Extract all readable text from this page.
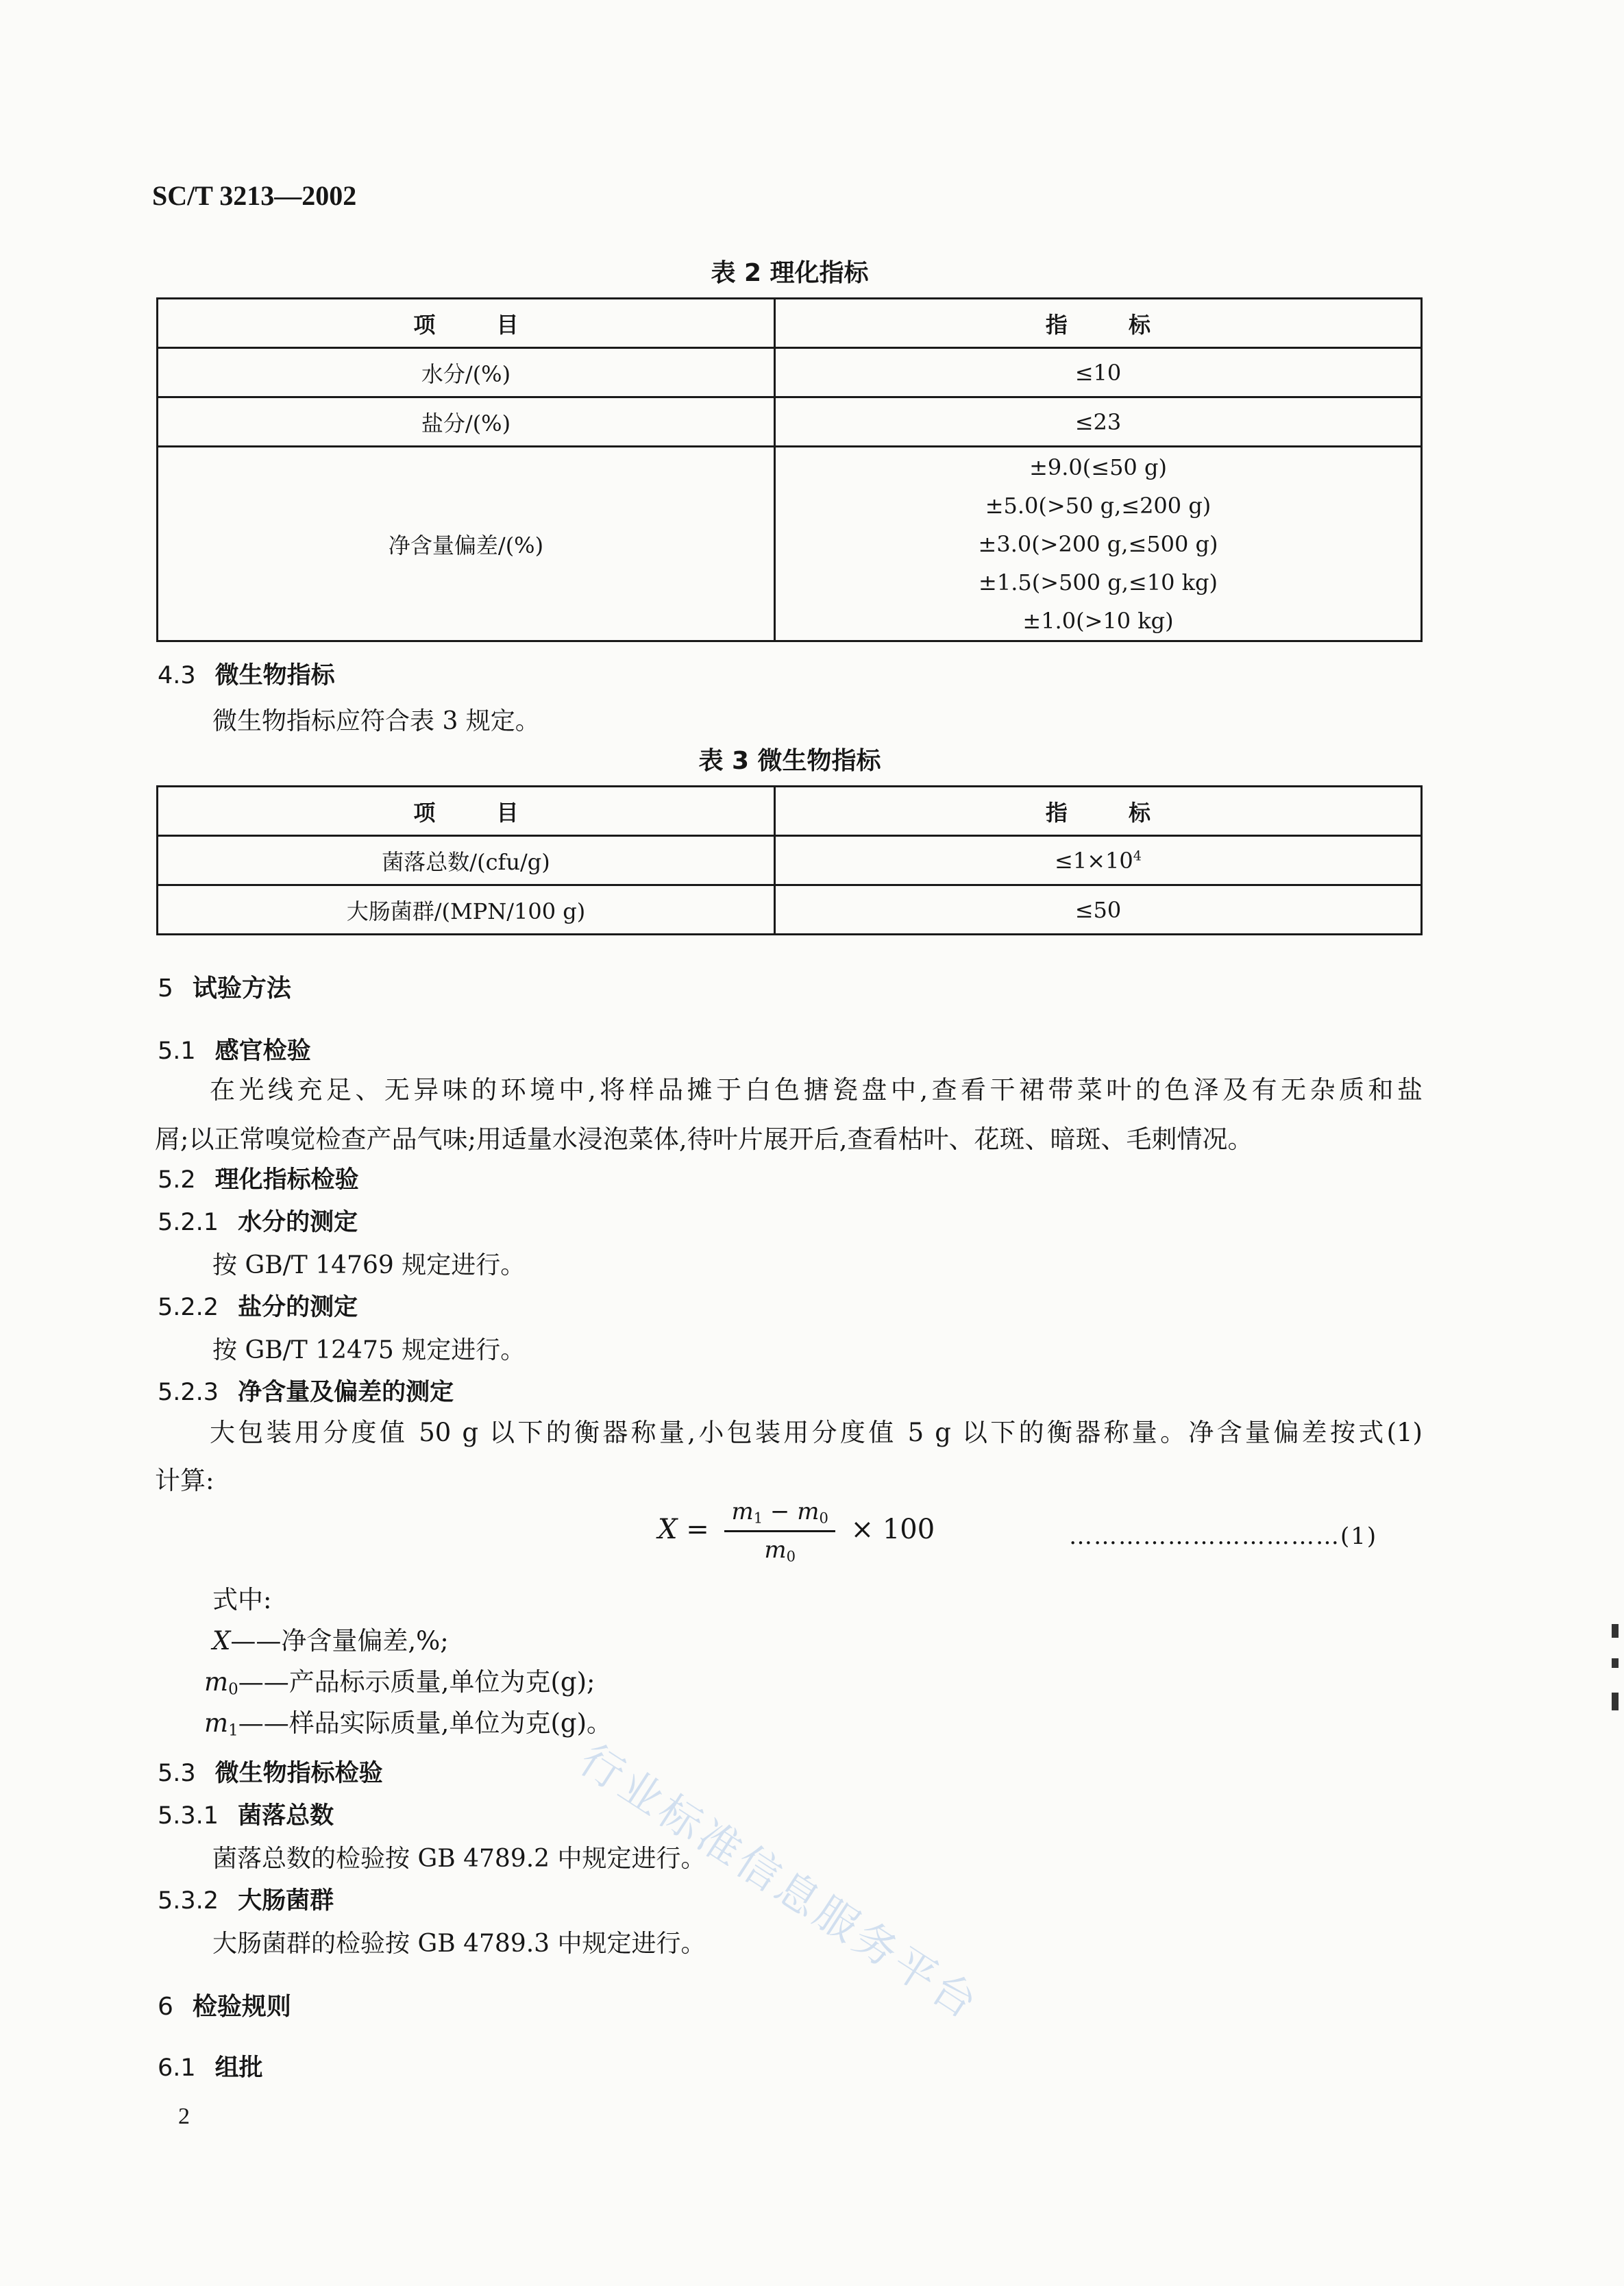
SC/T 3213—2002
表 2 理化指标
项        目	指        标
水分/(%)	≤10
盐分/(%)	≤23
净含量偏差/(%)	±9.0(≤50 g)
±5.0(>50 g,≤200 g)
±3.0(>200 g,≤500 g)
±1.5(>500 g,≤10 kg)
±1.0(>10 kg)
4.3 微生物指标
微生物指标应符合表 3 规定。
表 3 微生物指标
项        目	指        标
菌落总数/(cfu/g)	$\le 1\times 10^4$
大肠菌群/(MPN/100 g)	≤50
5 试验方法
5.1 感官检验
在光线充足、无异味的环境中,将样品摊于白色搪瓷盘中,查看干裙带菜叶的色泽及有无杂质和盐
屑;以正常嗅觉检查产品气味;用适量水浸泡菜体,待叶片展开后,查看枯叶、花斑、暗斑、毛刺情况。
5.2 理化指标检验
5.2.1 水分的测定
按 GB/T 14769 规定进行。
5.2.2 盐分的测定
按 GB/T 12475 规定进行。
5.2.3 净含量及偏差的测定
大包装用分度值 50 g 以下的衡器称量,小包装用分度值 5 g 以下的衡器称量。净含量偏差按式(1)
计算:
$X = \frac{m_1 - m_0}{m_0} \times 100$	……………………………(1)
式中:
X——净含量偏差,%;
$m_0——$产品标示质量,单位为克(g);
$m_1——$样品实际质量,单位为克(g)。
5.3 微生物指标检验
5.3.1 菌落总数
菌落总数的检验按 GB 4789.2 中规定进行。
5.3.2 大肠菌群
大肠菌群的检验按 GB 4789.3 中规定进行。
6 检验规则
6.1 组批
2
行业标准信息服务平台
